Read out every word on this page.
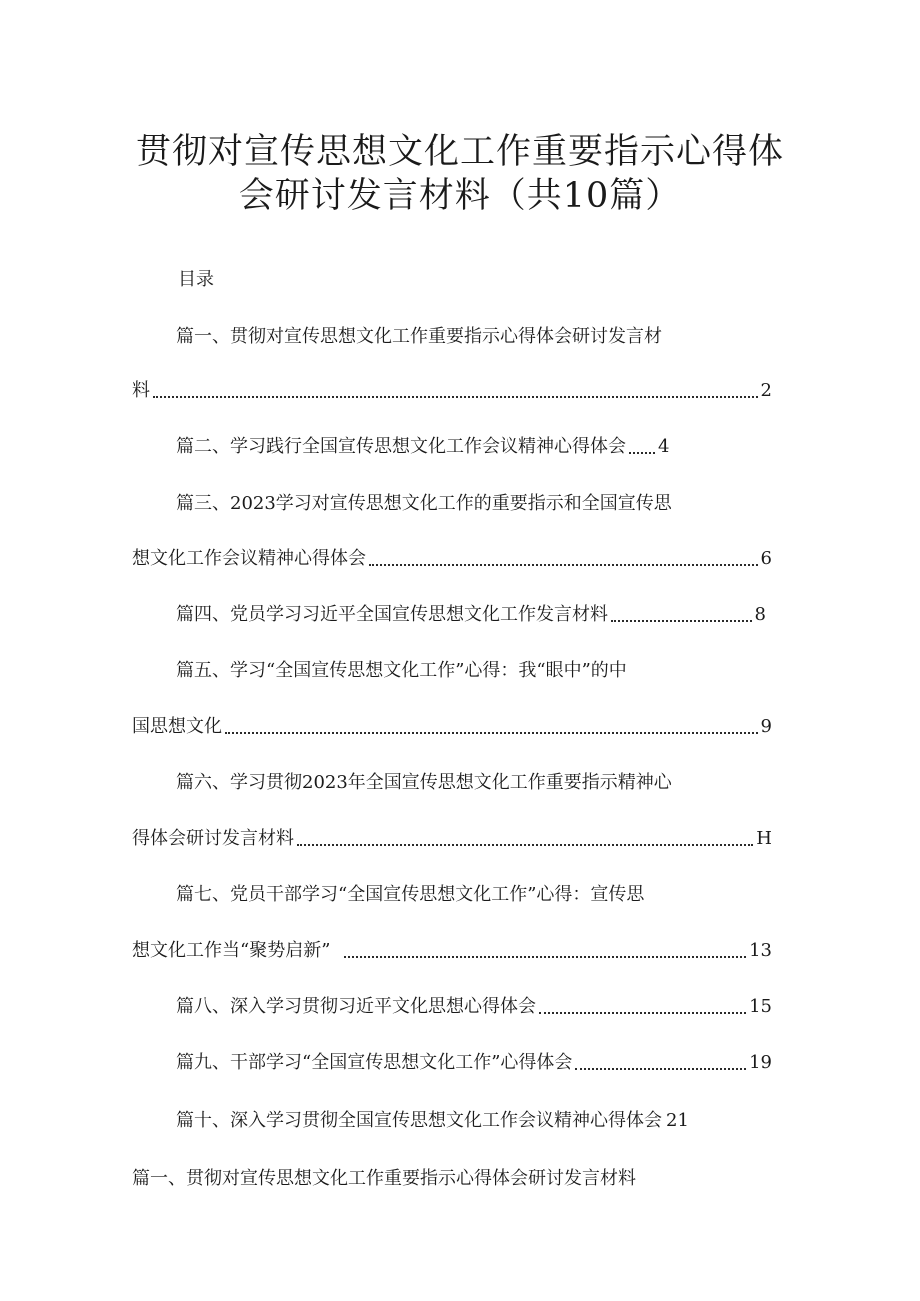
贯彻对宣传思想文化工作重要指示心得体
会研讨发言材料（共10篇）
目录
篇一、贯彻对宣传思想文化工作重要指示心得体会研讨发言材
料	2
篇二、学习践行全国宣传思想文化工作会议精神心得体会 4
篇三、2023学习对宣传思想文化工作的重要指示和全国宣传思
想文化工作会议精神心得体会	6
篇四、党员学习习近平全国宣传思想文化工作发言材料	8
篇五、学习“全国宣传思想文化工作”心得：我“眼中”的中
国思想文化	9
篇六、学习贯彻2023年全国宣传思想文化工作重要指示精神心
得体会研讨发言材料	H
篇七、党员干部学习“全国宣传思想文化工作”心得：宣传思
想文化工作当“聚势启新”	13
篇八、深入学习贯彻习近平文化思想心得体会	15
篇九、干部学习“全国宣传思想文化工作”心得体会	19
篇十、深入学习贯彻全国宣传思想文化工作会议精神心得体会 21
篇一、贯彻对宣传思想文化工作重要指示心得体会研讨发言材料
